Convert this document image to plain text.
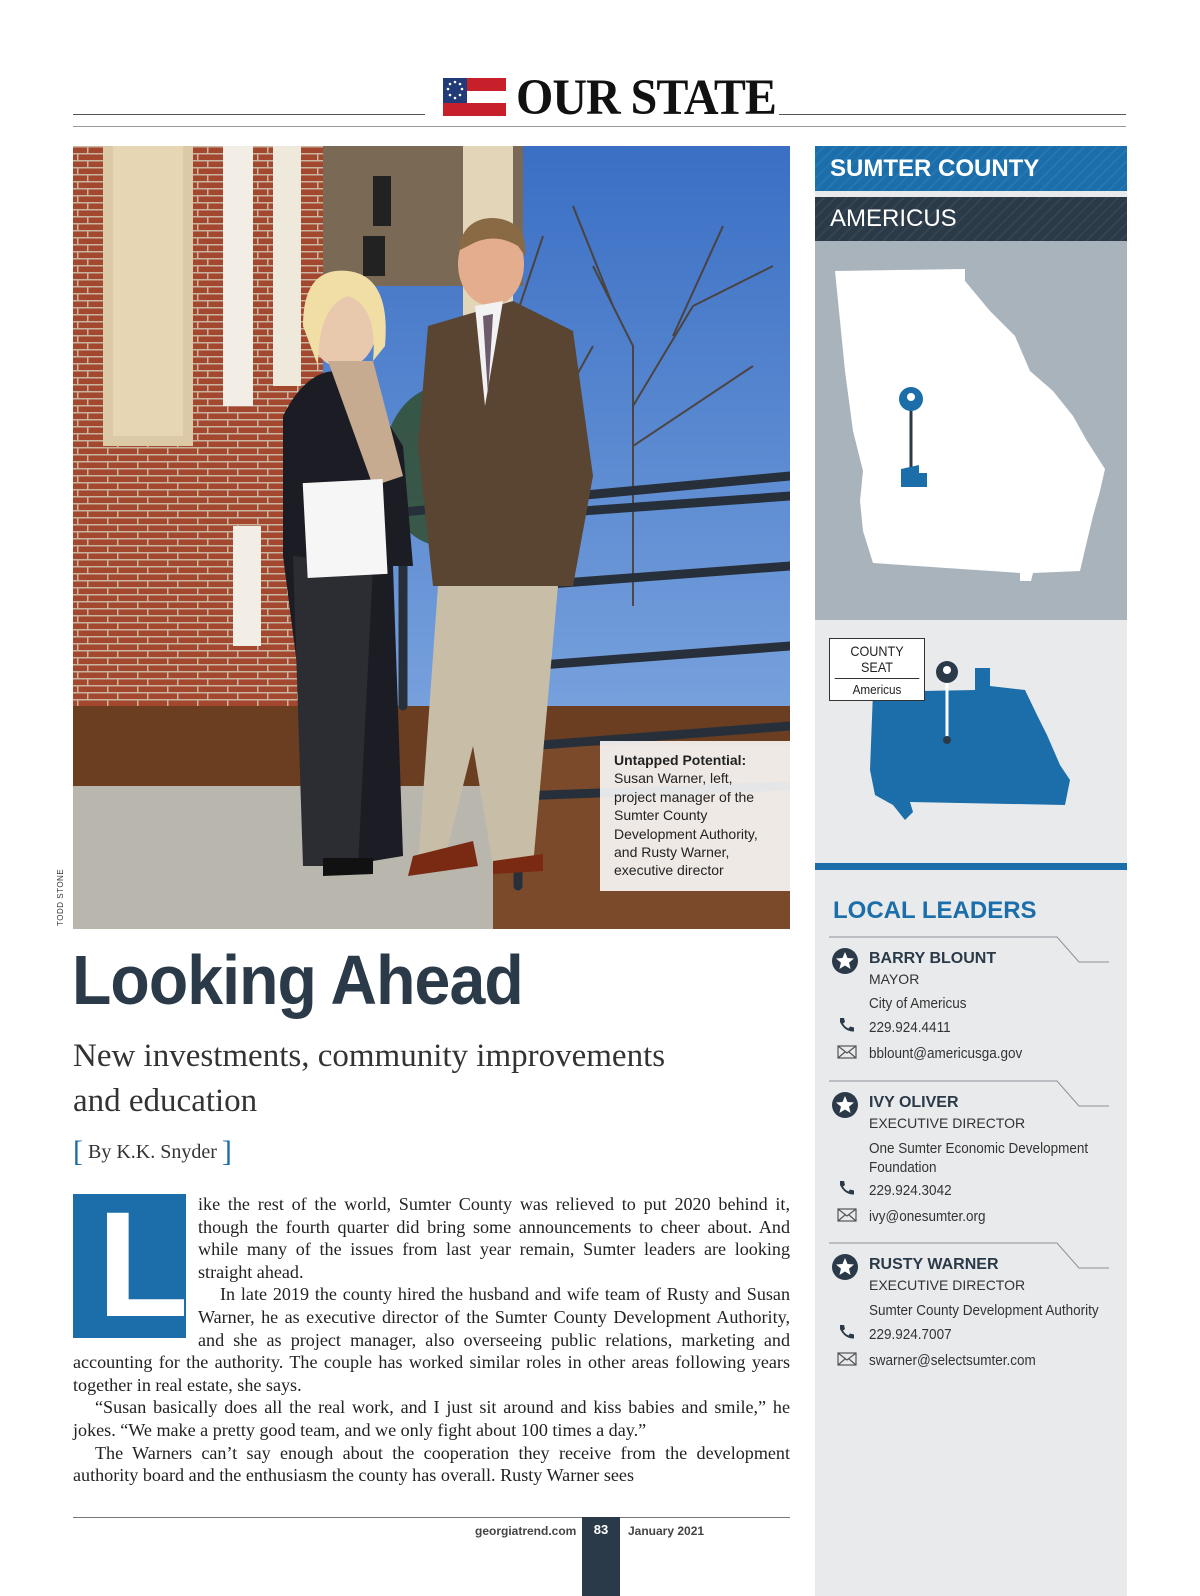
OUR STATE
TODD STONE
Untapped Potential: Susan Warner, left, project manager of the Sumter County Development Authority, and Rusty Warner, executive director
Looking Ahead
New investments, community improvements
and education
[ By K.K. Snyder ]
L ike the rest of the world, Sumter County was relieved to put 2020 behind it, though the fourth quarter did bring some announcements to cheer about. And while many of the issues from last year remain, Sumter leaders are looking straight ahead.

In late 2019 the county hired the husband and wife team of Rusty and Susan Warner, he as executive director of the Sumter County Development Authority, and she as project manager, also overseeing public relations, marketing and accounting for the authority. The couple has worked similar roles in other areas following years together in real estate, she says.

“Susan basically does all the real work, and I just sit around and kiss babies and smile,” he jokes. “We make a pretty good team, and we only fight about 100 times a day.”

The Warners can’t say enough about the cooperation they receive from the development authority board and the enthusiasm the county has overall. Rusty Warner sees

83
georgiatrend.com	January 2021
SUMTER COUNTY
AMERICUS
COUNTY SEAT
Americus
LOCAL LEADERS
BARRY BLOUNT
MAYOR
City of Americus
229.924.4411
bblount@americusga.gov
IVY OLIVER
EXECUTIVE DIRECTOR
One Sumter Economic Development Foundation
229.924.3042
ivy@onesumter.org
RUSTY WARNER
EXECUTIVE DIRECTOR
Sumter County Development Authority
229.924.7007
swarner@selectsumter.com
